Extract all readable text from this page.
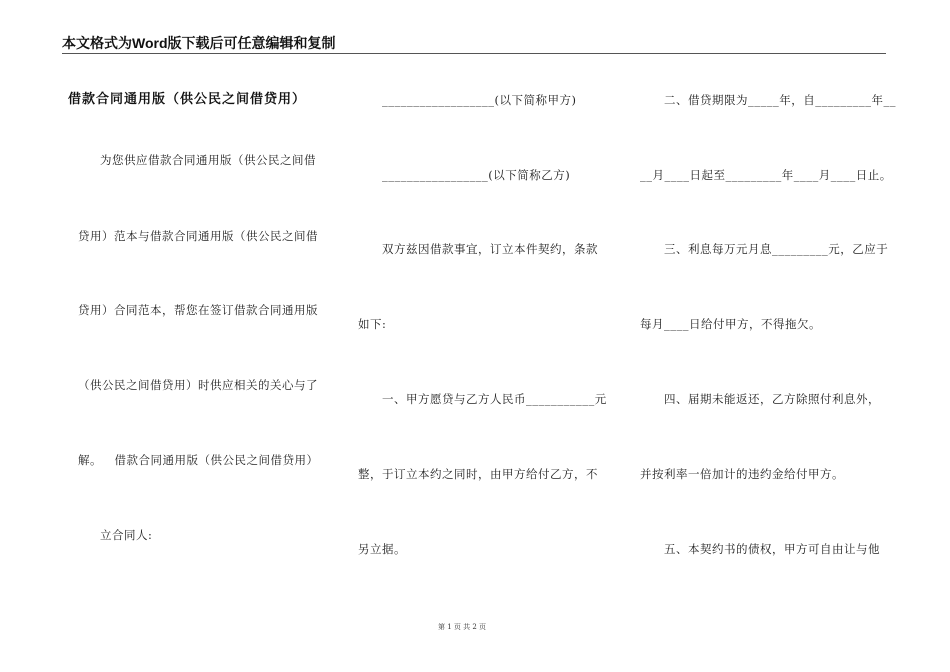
本文格式为Word版下载后可任意编辑和复制
借款合同通用版（供公民之间借贷用）
为您供应借款合同通用版（供公民之间借
贷用）范本与借款合同通用版（供公民之间借
贷用）合同范本，帮您在签订借款合同通用版
（供公民之间借贷用）时供应相关的关心与了
解。   借款合同通用版（供公民之间借贷用）
立合同人:
__________________(以下简称甲方)
_________________(以下简称乙方)
双方兹因借款事宜，订立本件契约，条款
如下:
一、甲方愿贷与乙方人民币___________元
整，于订立本约之同时，由甲方给付乙方，不
另立据。
二、借贷期限为_____年，自_________年__
__月____日起至_________年____月____日止。
三、利息每万元月息_________元，乙应于
每月____日给付甲方，不得拖欠。
四、届期未能返还，乙方除照付利息外，
并按利率一倍加计的违约金给付甲方。
五、本契约书的债权，甲方可自由让与他
第 1 页 共 2 页
